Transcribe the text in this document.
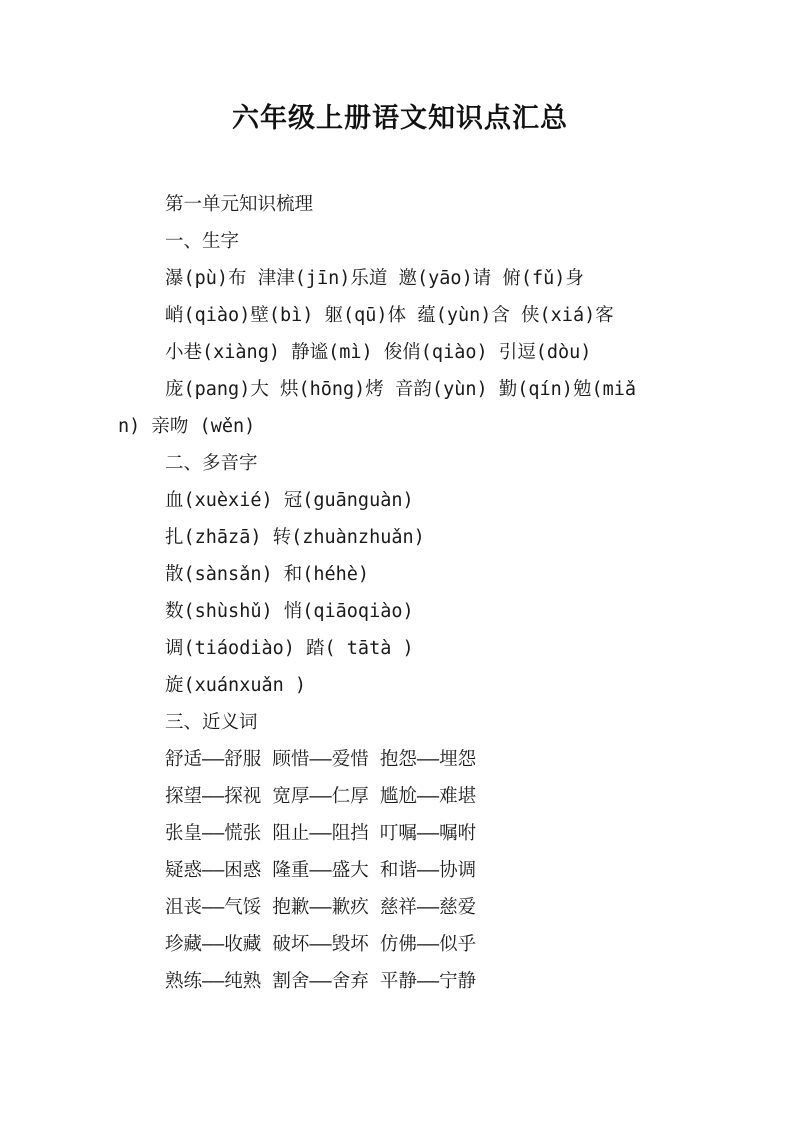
六年级上册语文知识点汇总
第一单元知识梳理
一、生字
瀑(pù)布 津津(jīn)乐道 邀(yāo)请 俯(fǔ)身
峭(qiào)壁(bì) 躯(qū)体 蕴(yùn)含 侠(xiá)客
小巷(xiàng) 静谧(mì) 俊俏(qiào) 引逗(dòu)
庞(pang)大 烘(hōng)烤 音韵(yùn) 勤(qín)勉(miǎ
n) 亲吻 (wěn)
二、多音字
血(xuèxié) 冠(guānguàn)
扎(zhāzā) 转(zhuànzhuǎn)
散(sànsǎn) 和(héhè)
数(shùshǔ) 悄(qiāoqiào)
调(tiáodiào) 踏( tātà )
旋(xuánxuǎn )
三、近义词
舒适——舒服 顾惜——爱惜 抱怨——埋怨
探望——探视 宽厚——仁厚 尴尬——难堪
张皇——慌张 阻止——阻挡 叮嘱——嘱咐
疑惑——困惑 隆重——盛大 和谐——协调
沮丧——气馁 抱歉——歉疚 慈祥——慈爱
珍藏——收藏 破坏——毁坏 仿佛——似乎
熟练——纯熟 割舍——舍弃 平静——宁静
